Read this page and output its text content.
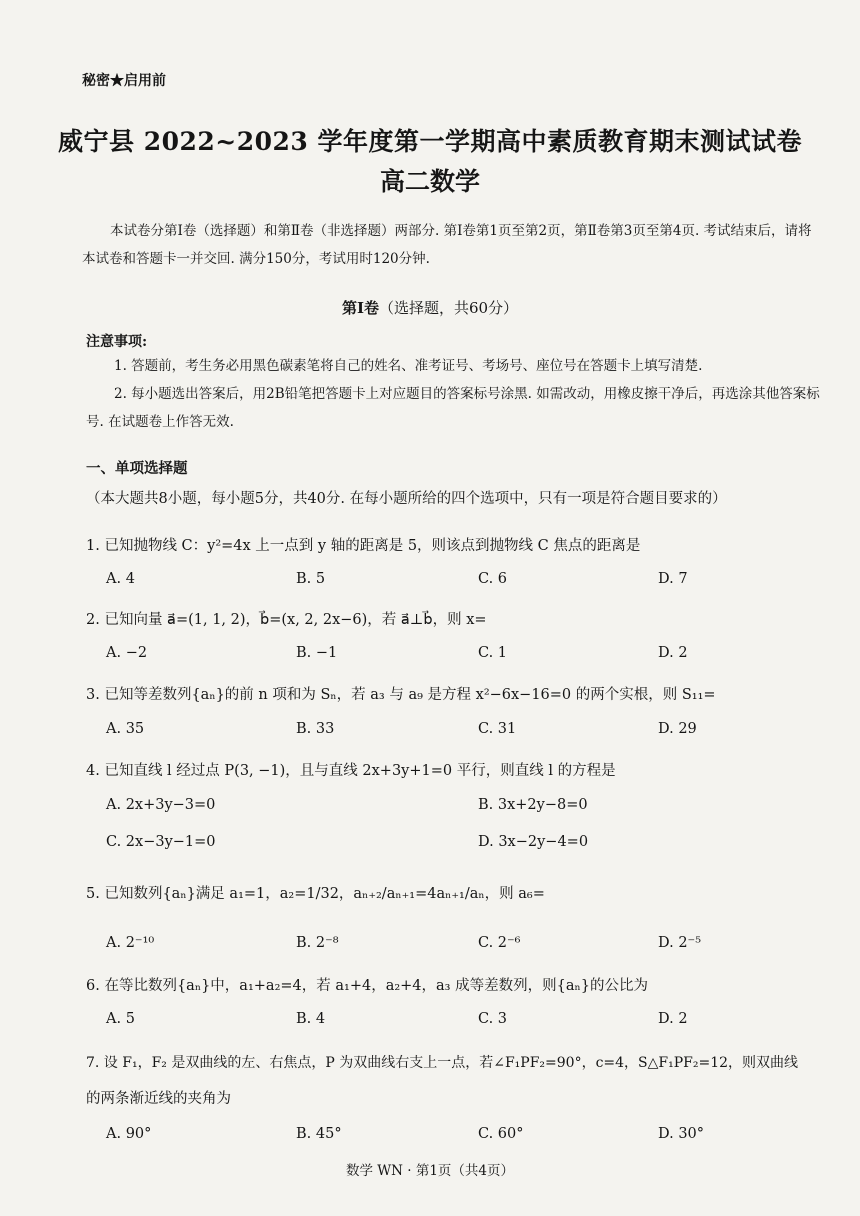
秘密★启用前
威宁县 2022~2023 学年度第一学期高中素质教育期末测试试卷
高二数学
本试卷分第Ⅰ卷（选择题）和第Ⅱ卷（非选择题）两部分. 第Ⅰ卷第1页至第2页，第Ⅱ卷第3页至第4页. 考试结束后，请将本试卷和答题卡一并交回. 满分150分，考试用时120分钟.
第Ⅰ卷（选择题，共60分）
注意事项:
1. 答题前，考生务必用黑色碳素笔将自己的姓名、准考证号、考场号、座位号在答题卡上填写清楚.
2. 每小题选出答案后，用2B铅笔把答题卡上对应题目的答案标号涂黑. 如需改动，用橡皮擦干净后，再选涂其他答案标号. 在试题卷上作答无效.
一、单项选择题（本大题共8小题，每小题5分，共40分. 在每小题所给的四个选项中，只有一项是符合题目要求的）
1. 已知抛物线 C：y²=4x 上一点到 y 轴的距离是 5，则该点到抛物线 C 焦点的距离是
A. 4	B. 5	C. 6	D. 7
2. 已知向量 a⃗=(1, 1, 2)，b⃗=(x, 2, 2x−6)，若 a⃗⊥b⃗，则 x=
A. −2	B. −1	C. 1	D. 2
3. 已知等差数列{aₙ}的前 n 项和为 Sₙ，若 a₃ 与 a₉ 是方程 x²−6x−16=0 的两个实根，则 S₁₁=
A. 35	B. 33	C. 31	D. 29
4. 已知直线 l 经过点 P(3, −1)，且与直线 2x+3y+1=0 平行，则直线 l 的方程是
A. 2x+3y−3=0	B. 3x+2y−8=0
C. 2x−3y−1=0	D. 3x−2y−4=0
5. 已知数列{aₙ}满足 a₁=1，a₂=1/32，aₙ₊₂/aₙ₊₁=4aₙ₊₁/aₙ，则 a₆=
A. 2⁻¹⁰	B. 2⁻⁸	C. 2⁻⁶	D. 2⁻⁵
6. 在等比数列{aₙ}中，a₁+a₂=4，若 a₁+4，a₂+4，a₃ 成等差数列，则{aₙ}的公比为
A. 5	B. 4	C. 3	D. 2
7. 设 F₁，F₂ 是双曲线的左、右焦点，P 为双曲线右支上一点，若∠F₁PF₂=90°，c=4，S△F₁PF₂=12，则双曲线
的两条渐近线的夹角为
A. 90°	B. 45°	C. 60°	D. 30°
数学 WN · 第1页（共4页）
